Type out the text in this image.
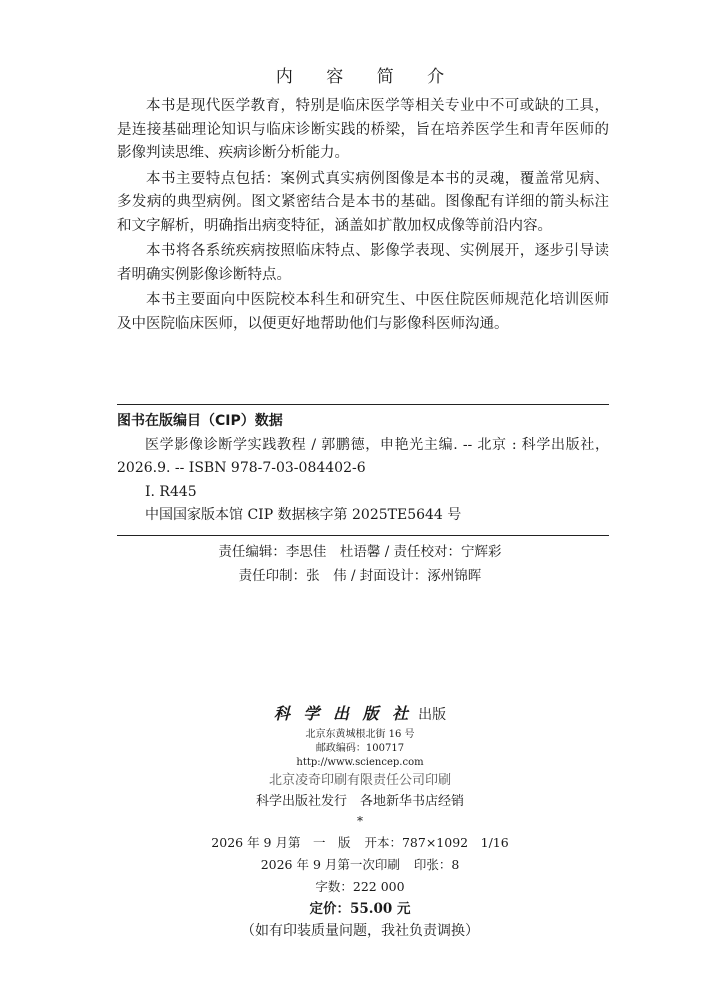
内 容 简 介

本书是现代医学教育，特别是临床医学等相关专业中不可或缺的工具，是连接基础理论知识与临床诊断实践的桥梁，旨在培养医学生和青年医师的影像判读思维、疾病诊断分析能力。

本书主要特点包括：案例式真实病例图像是本书的灵魂，覆盖常见病、多发病的典型病例。图文紧密结合是本书的基础。图像配有详细的箭头标注和文字解析，明确指出病变特征，涵盖如扩散加权成像等前沿内容。

本书将各系统疾病按照临床特点、影像学表现、实例展开，逐步引导读者明确实例影像诊断特点。

本书主要面向中医院校本科生和研究生、中医住院医师规范化培训医师及中医院临床医师，以便更好地帮助他们与影像科医师沟通。

图书在版编目（CIP）数据
医学影像诊断学实践教程 / 郭鹏德，申艳光主编. -- 北京 : 科学出版社，2026.9. -- ISBN 978-7-03-084402-6
Ⅰ. R445
中国国家版本馆 CIP 数据核字第 2025TE5644 号
责任编辑：李思佳　杜语馨 / 责任校对：宁辉彩
责任印制：张　伟 / 封面设计：涿州锦晖
科 学 出 版 社 出版
北京东黄城根北街 16 号
邮政编码：100717
http://www.sciencep.com
北京凌奇印刷有限责任公司印刷
科学出版社发行　各地新华书店经销
*
2026 年 9 月第　一　版 开本：787×1092　1/16
2026 年 9 月第一次印刷 印张：8
字数：222 000
定价：55.00 元
（如有印装质量问题，我社负责调换）
